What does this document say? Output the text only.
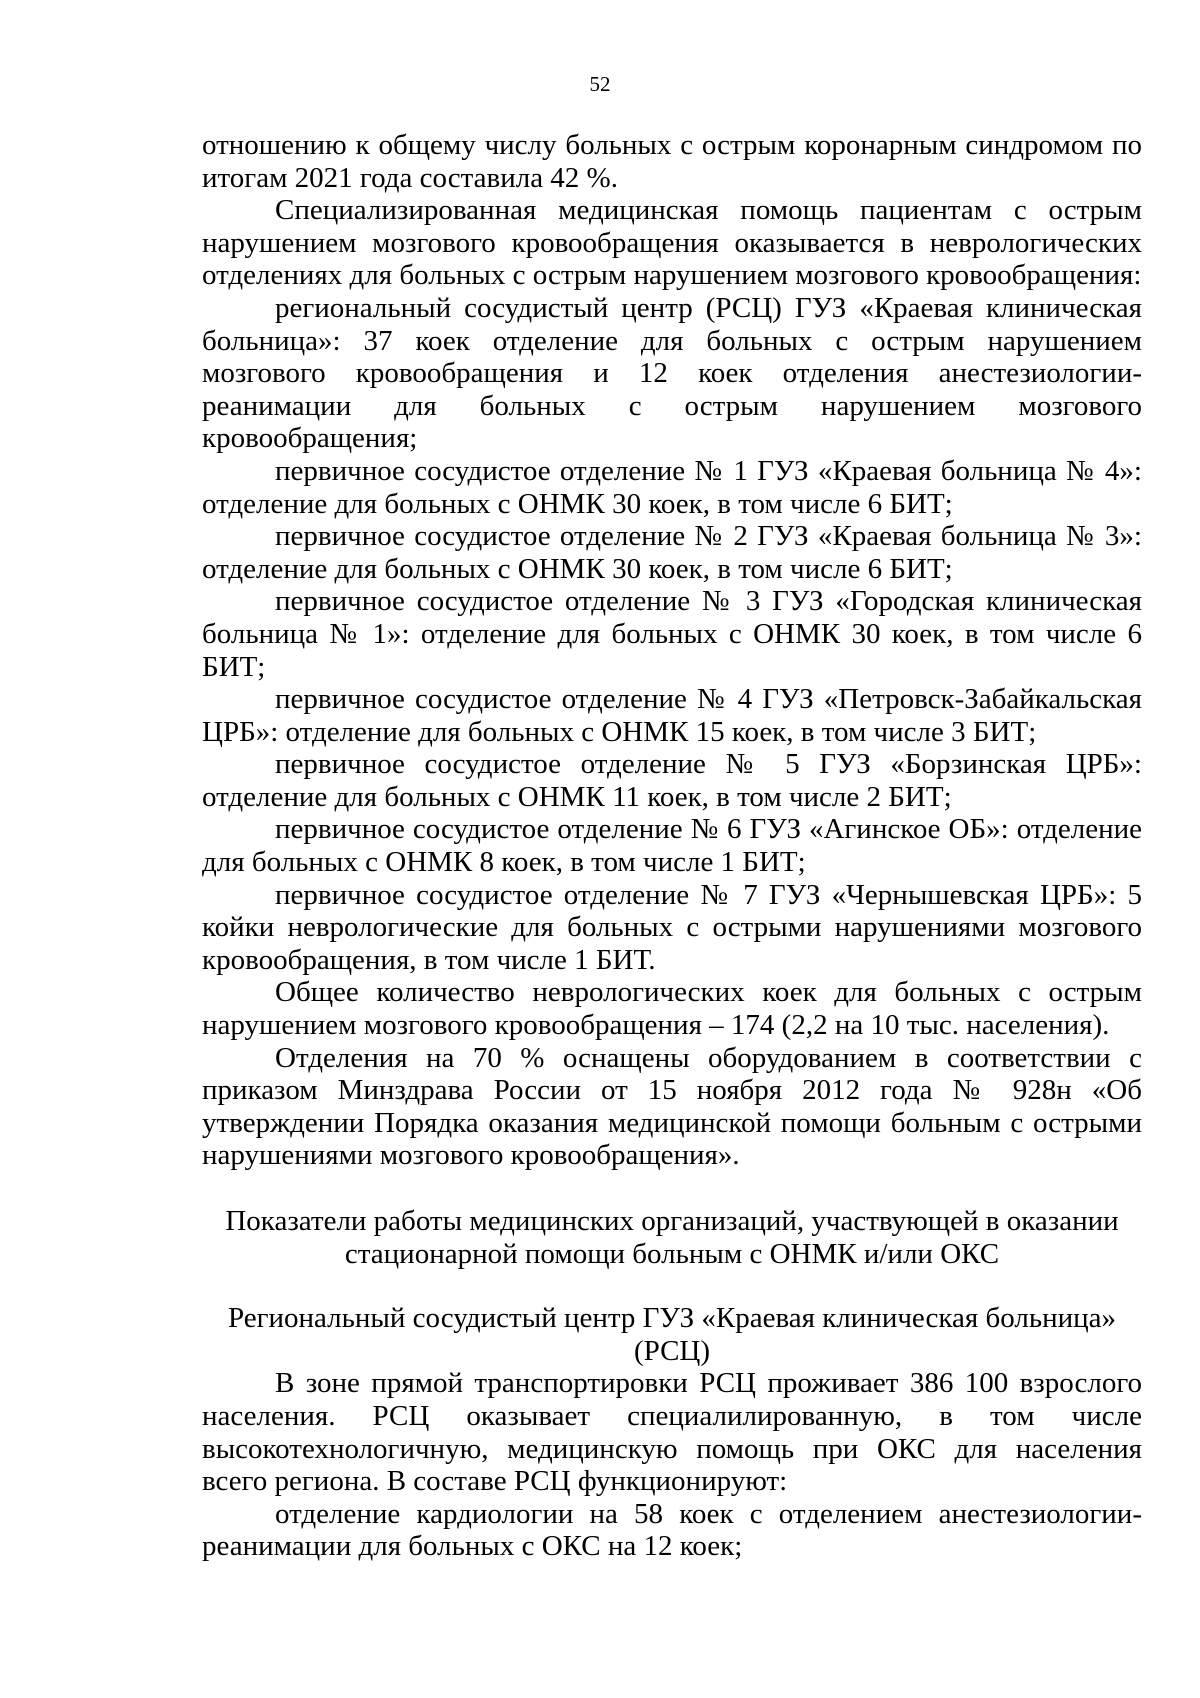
52

отношению к общему числу больных с острым коронарным синдромом по итогам 2021 года составила 42 %.

Специализированная медицинская помощь пациентам с острым нарушением мозгового кровообращения оказывается в неврологических отделениях для больных с острым нарушением мозгового кровообращения:

региональный сосудистый центр (РСЦ) ГУЗ «Краевая клиническая больница»: 37 коек отделение для больных с острым нарушением мозгового кровообращения и 12 коек отделения анестезиологии-реанимации для больных с острым нарушением мозгового кровообращения;

первичное сосудистое отделение № 1 ГУЗ «Краевая больница № 4»: отделение для больных с ОНМК 30 коек, в том числе 6 БИТ;

первичное сосудистое отделение № 2 ГУЗ «Краевая больница № 3»: отделение для больных с ОНМК 30 коек, в том числе 6 БИТ;

первичное сосудистое отделение № 3 ГУЗ «Городская клиническая больница № 1»: отделение для больных с ОНМК 30 коек, в том числе 6 БИТ;

первичное сосудистое отделение № 4 ГУЗ «Петровск-Забайкальская ЦРБ»: отделение для больных с ОНМК 15 коек, в том числе 3 БИТ;

первичное сосудистое отделение № 5 ГУЗ «Борзинская ЦРБ»: отделение для больных с ОНМК 11 коек, в том числе 2 БИТ;

первичное сосудистое отделение № 6 ГУЗ «Агинское ОБ»: отделение для больных с ОНМК 8 коек, в том числе 1 БИТ;

первичное сосудистое отделение № 7 ГУЗ «Чернышевская ЦРБ»: 5 койки неврологические для больных с острыми нарушениями мозгового кровообращения, в том числе 1 БИТ.

Общее количество неврологических коек для больных с острым нарушением мозгового кровообращения – 174 (2,2 на 10 тыс. населения).

Отделения на 70 % оснащены оборудованием в соответствии с приказом Минздрава России от 15 ноября 2012 года № 928н «Об утверждении Порядка оказания медицинской помощи больным с острыми нарушениями мозгового кровообращения».

Показатели работы медицинских организаций, участвующей в оказании
стационарной помощи больным с ОНМК и/или ОКС
Региональный сосудистый центр ГУЗ «Краевая клиническая больница»
(РСЦ)

В зоне прямой транспортировки РСЦ проживает 386 100 взрослого населения. РСЦ оказывает специалилированную, в том числе высокотехнологичную, медицинскую помощь при ОКС для населения всего региона. В составе РСЦ функционируют:

отделение кардиологии на 58 коек с отделением анестезиологии-реанимации для больных с ОКС на 12 коек;
